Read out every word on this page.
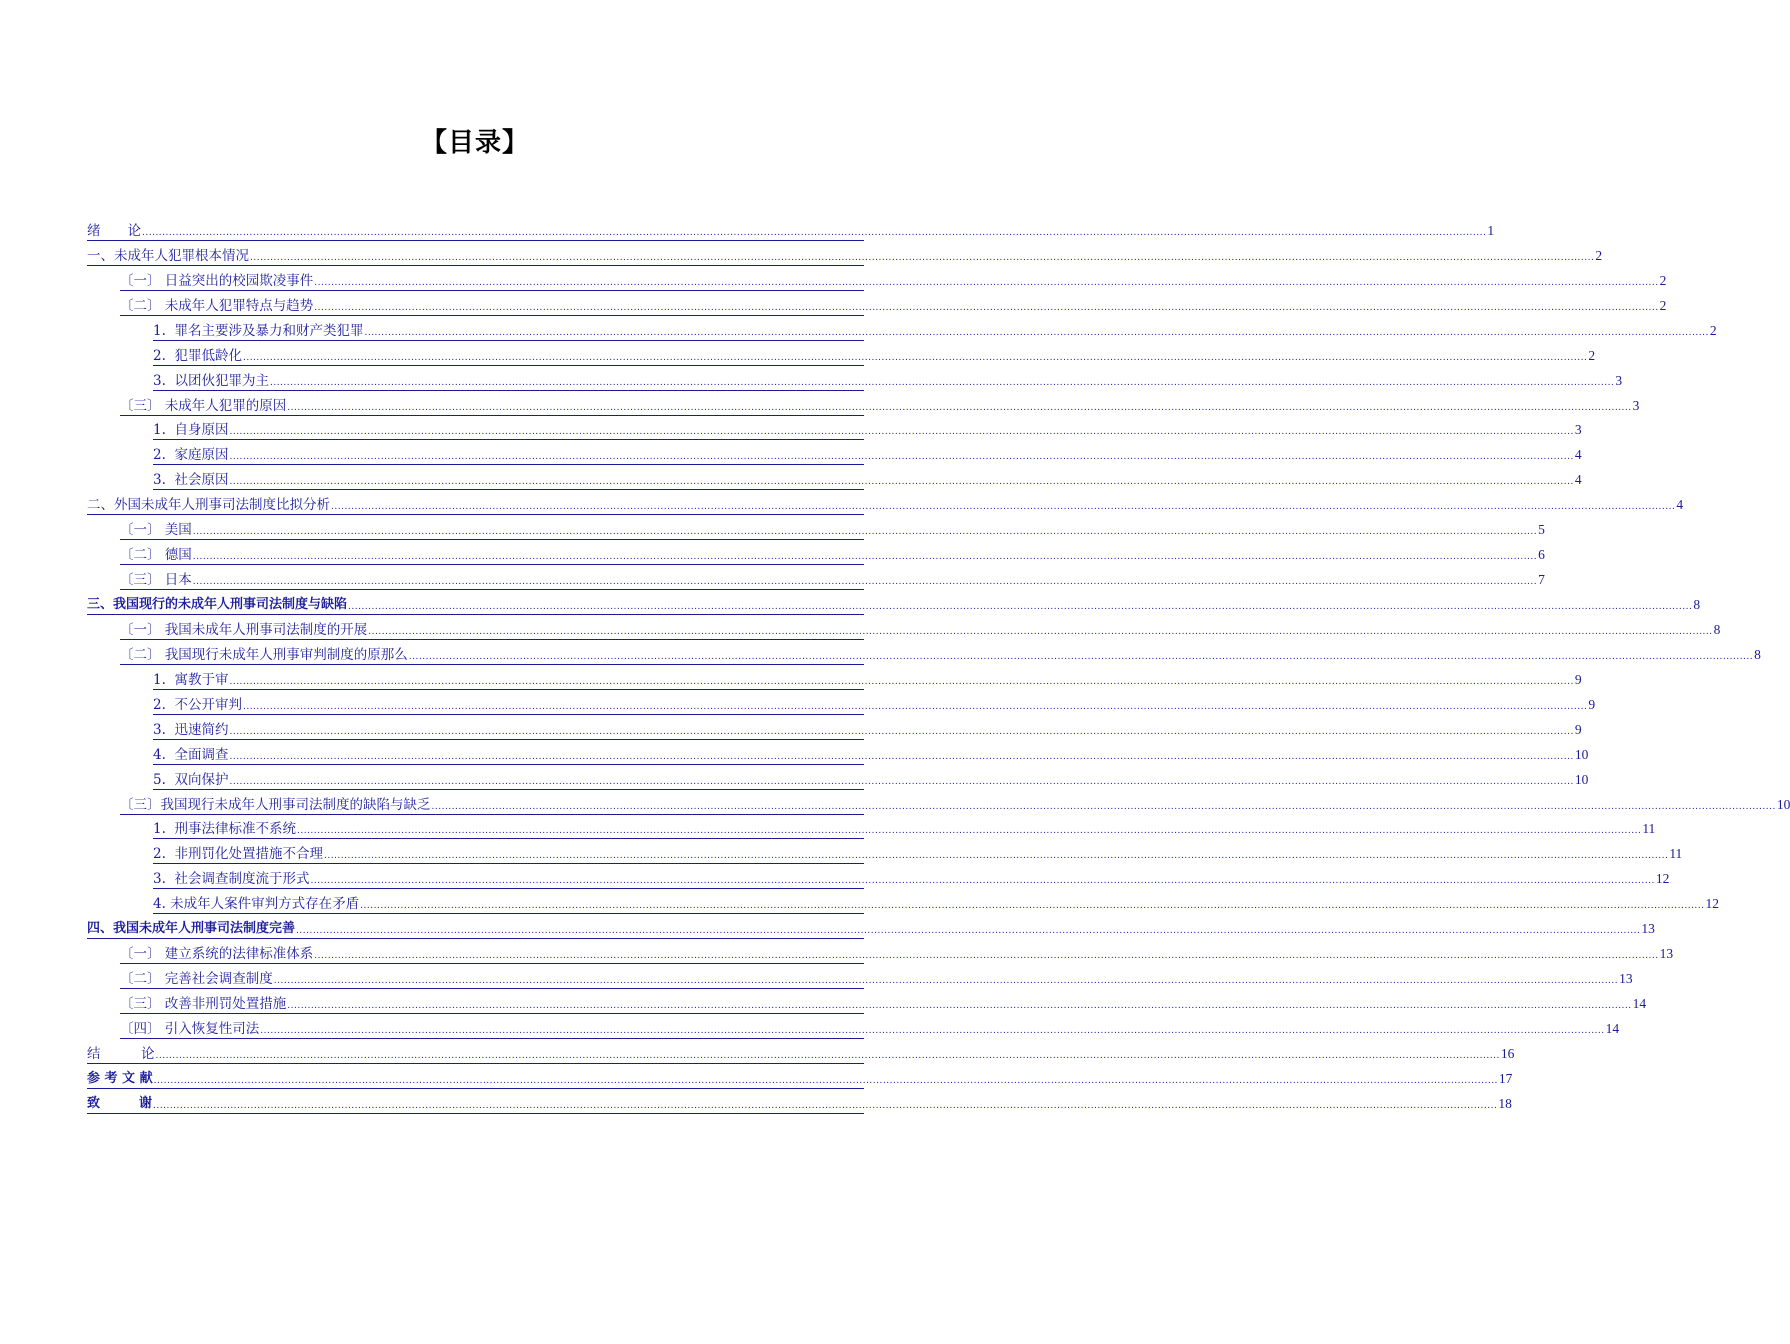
【目录】
绪　　论 ................................................................................................................................................................................................................................................................................................................................................................................................................ 1
一、未成年人犯罪根本情况 ................................................................................................................................................................................................................................................................................................................................................................................................................ 2
〔一〕 日益突出的校园欺凌事件 ................................................................................................................................................................................................................................................................................................................................................................................................................ 2
〔二〕 未成年人犯罪特点与趋势 ................................................................................................................................................................................................................................................................................................................................................................................................................ 2
1.  罪名主要涉及暴力和财产类犯罪 ................................................................................................................................................................................................................................................................................................................................................................................................................ 2
2.  犯罪低龄化 ................................................................................................................................................................................................................................................................................................................................................................................................................ 2
3.  以团伙犯罪为主 ................................................................................................................................................................................................................................................................................................................................................................................................................ 3
〔三〕 未成年人犯罪的原因 ................................................................................................................................................................................................................................................................................................................................................................................................................ 3
1.  自身原因 ................................................................................................................................................................................................................................................................................................................................................................................................................ 3
2.  家庭原因 ................................................................................................................................................................................................................................................................................................................................................................................................................ 4
3.  社会原因 ................................................................................................................................................................................................................................................................................................................................................................................................................ 4
二、外国未成年人刑事司法制度比拟分析 ................................................................................................................................................................................................................................................................................................................................................................................................................ 4
〔一〕 美国 ................................................................................................................................................................................................................................................................................................................................................................................................................ 5
〔二〕 德国 ................................................................................................................................................................................................................................................................................................................................................................................................................ 6
〔三〕 日本 ................................................................................................................................................................................................................................................................................................................................................................................................................ 7
三、我国现行的未成年人刑事司法制度与缺陷 ................................................................................................................................................................................................................................................................................................................................................................................................................ 8
〔一〕 我国未成年人刑事司法制度的开展 ................................................................................................................................................................................................................................................................................................................................................................................................................ 8
〔二〕 我国现行未成年人刑事审判制度的原那么 ................................................................................................................................................................................................................................................................................................................................................................................................................ 8
1.  寓教于审 ................................................................................................................................................................................................................................................................................................................................................................................................................ 9
2.  不公开审判 ................................................................................................................................................................................................................................................................................................................................................................................................................ 9
3.  迅速简约 ................................................................................................................................................................................................................................................................................................................................................................................................................ 9
4.  全面调查 ................................................................................................................................................................................................................................................................................................................................................................................................................ 10
5.  双向保护 ................................................................................................................................................................................................................................................................................................................................................................................................................ 10
〔三〕我国现行未成年人刑事司法制度的缺陷与缺乏 ................................................................................................................................................................................................................................................................................................................................................................................................................ 10
1.  刑事法律标准不系统 ................................................................................................................................................................................................................................................................................................................................................................................................................ 11
2.  非刑罚化处置措施不合理 ................................................................................................................................................................................................................................................................................................................................................................................................................ 11
3.  社会调查制度流于形式 ................................................................................................................................................................................................................................................................................................................................................................................................................ 12
4. 未成年人案件审判方式存在矛盾 ................................................................................................................................................................................................................................................................................................................................................................................................................ 12
四、我国未成年人刑事司法制度完善 ................................................................................................................................................................................................................................................................................................................................................................................................................ 13
〔一〕 建立系统的法律标准体系 ................................................................................................................................................................................................................................................................................................................................................................................................................ 13
〔二〕 完善社会调查制度 ................................................................................................................................................................................................................................................................................................................................................................................................................ 13
〔三〕 改善非刑罚处置措施 ................................................................................................................................................................................................................................................................................................................................................................................................................ 14
〔四〕 引入恢复性司法 ................................................................................................................................................................................................................................................................................................................................................................................................................ 14
结　　　论 ................................................................................................................................................................................................................................................................................................................................................................................................................ 16
参 考 文 献 ................................................................................................................................................................................................................................................................................................................................................................................................................ 17
致　　　谢 ................................................................................................................................................................................................................................................................................................................................................................................................................ 18
